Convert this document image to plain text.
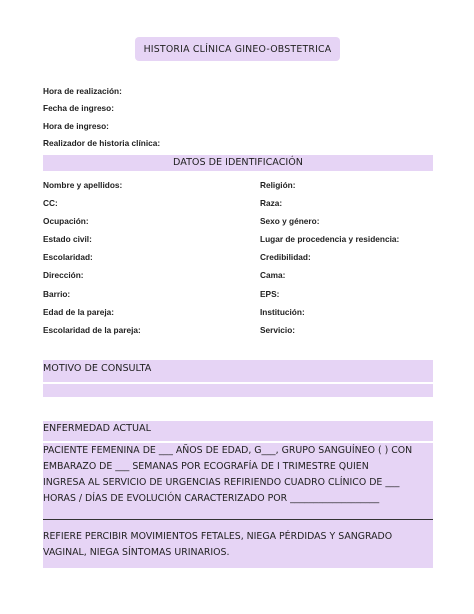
HISTORIA CLÍNICA GINEO-OBSTETRICA
Hora de realización:
Fecha de ingreso:
Hora de ingreso:
Realizador de historia clínica:
DATOS DE IDENTIFICACIÓN
Nombre y apellidos:
CC:
Ocupación:
Estado civil:
Escolaridad:
Dirección:
Barrio:
Edad de la pareja:
Escolaridad de la pareja:
Religión:
Raza:
Sexo y género:
Lugar de procedencia y residencia:
Credibilidad:
Cama:
EPS:
Institución:
Servicio:
MOTIVO DE CONSULTA
ENFERMEDAD ACTUAL
PACIENTE FEMENINA DE ___ AÑOS DE EDAD, G___, GRUPO SANGUÍNEO ( ) CON
EMBARAZO DE ___ SEMANAS POR ECOGRAFÍA DE I TRIMESTRE QUIEN
INGRESA AL SERVICIO DE URGENCIAS REFIRIENDO CUADRO CLÍNICO DE ___
HORAS / DÍAS DE EVOLUCIÓN CARACTERIZADO POR ___________________
REFIERE PERCIBIR MOVIMIENTOS FETALES, NIEGA PÉRDIDAS Y SANGRADO
VAGINAL, NIEGA SÍNTOMAS URINARIOS.
